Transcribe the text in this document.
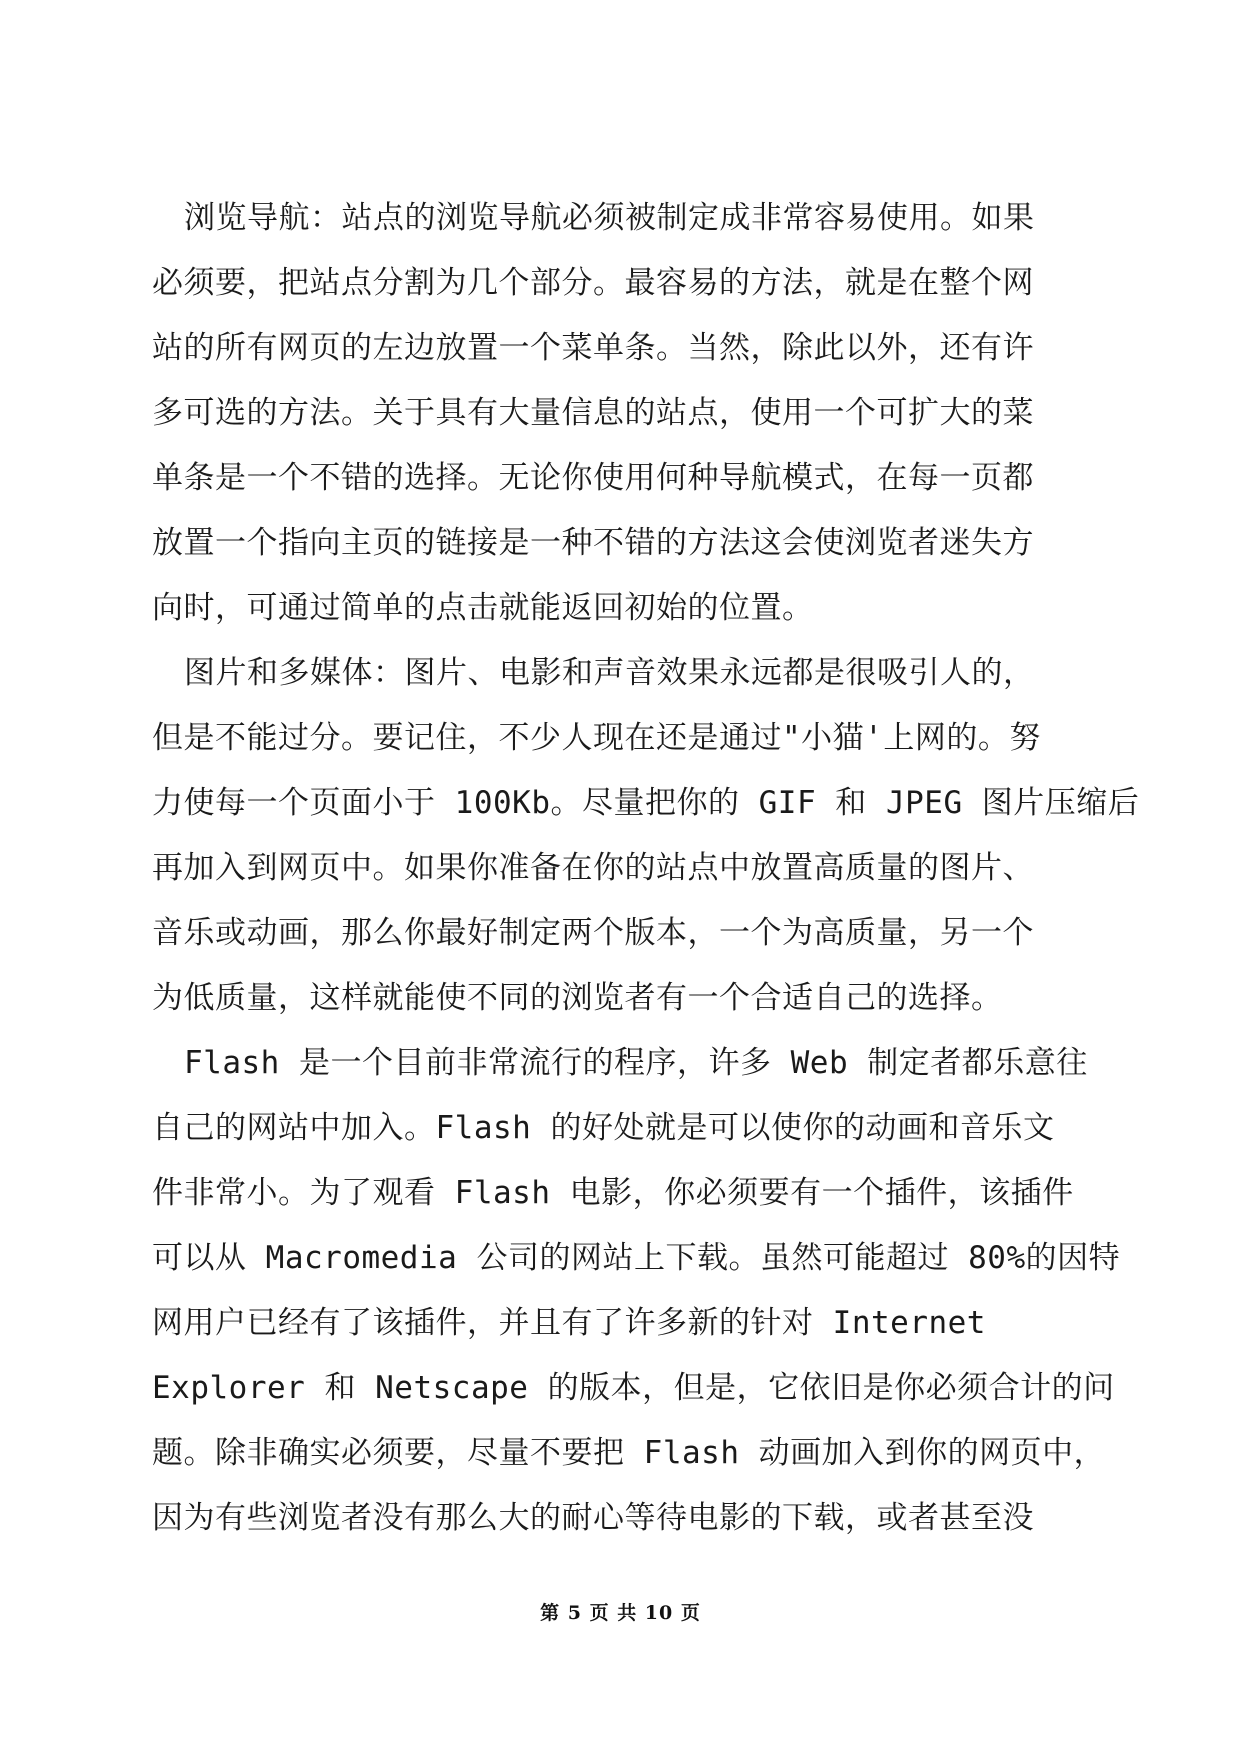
浏览导航：站点的浏览导航必须被制定成非常容易使用。如果
必须要，把站点分割为几个部分。最容易的方法，就是在整个网
站的所有网页的左边放置一个菜单条。当然，除此以外，还有许
多可选的方法。关于具有大量信息的站点，使用一个可扩大的菜
单条是一个不错的选择。无论你使用何种导航模式，在每一页都
放置一个指向主页的链接是一种不错的方法这会使浏览者迷失方
向时，可通过简单的点击就能返回初始的位置。
图片和多媒体：图片、电影和声音效果永远都是很吸引人的，
但是不能过分。要记住，不少人现在还是通过"小猫'上网的。努
力使每一个页面小于 100Kb。尽量把你的 GIF 和 JPEG 图片压缩后
再加入到网页中。如果你准备在你的站点中放置高质量的图片、
音乐或动画，那么你最好制定两个版本，一个为高质量，另一个
为低质量，这样就能使不同的浏览者有一个合适自己的选择。
Flash 是一个目前非常流行的程序，许多 Web 制定者都乐意往
自己的网站中加入。Flash 的好处就是可以使你的动画和音乐文
件非常小。为了观看 Flash 电影，你必须要有一个插件，该插件
可以从 Macromedia 公司的网站上下载。虽然可能超过 80%的因特
网用户已经有了该插件，并且有了许多新的针对 Internet
Explorer 和 Netscape 的版本，但是，它依旧是你必须合计的问
题。除非确实必须要，尽量不要把 Flash 动画加入到你的网页中，
因为有些浏览者没有那么大的耐心等待电影的下载，或者甚至没
第 5 页 共 10 页
